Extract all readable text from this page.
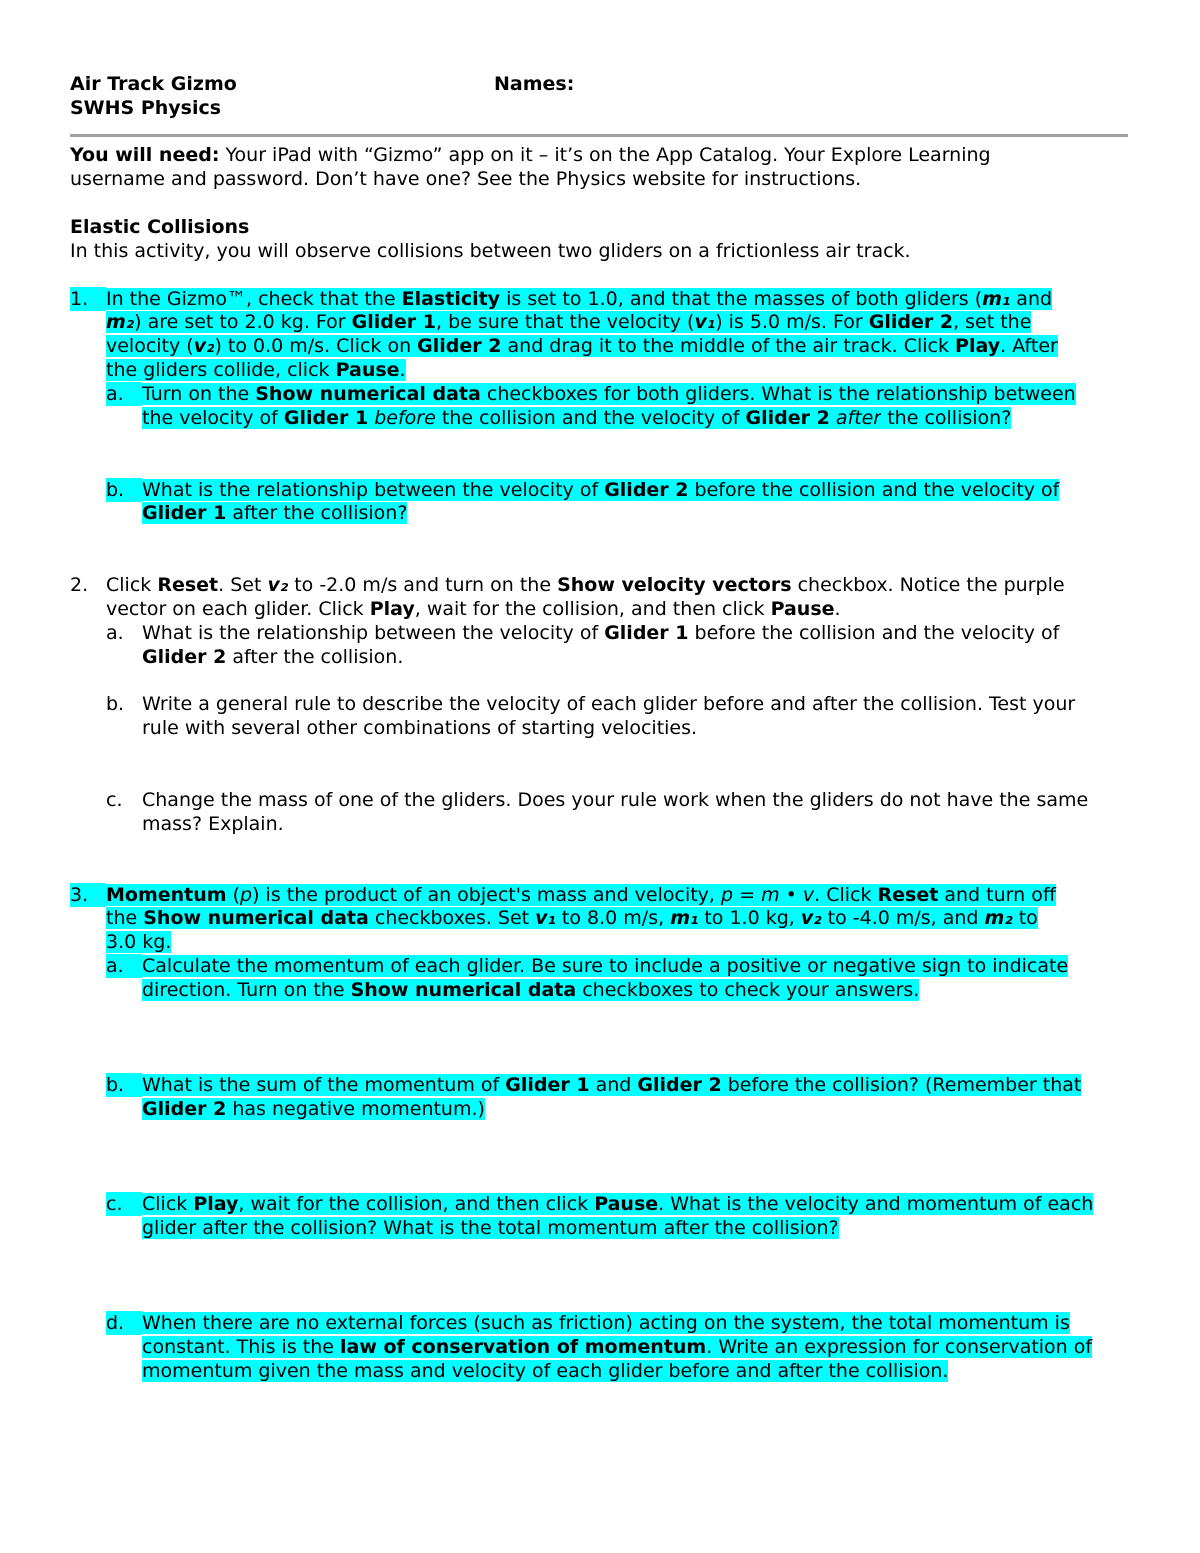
Air Track Gizmo
SWHS Physics
Names:
You will need: Your iPad with “Gizmo” app on it – it’s on the App Catalog. Your Explore Learning
username and password. Don’t have one? See the Physics website for instructions.
Elastic Collisions
In this activity, you will observe collisions between two gliders on a frictionless air track.
1.  In the Gizmo™, check that the Elasticity is set to 1.0, and that the masses of both gliders (m₁ and
m₂) are set to 2.0 kg. For Glider 1, be sure that the velocity (v₁) is 5.0 m/s. For Glider 2, set the
velocity (v₂) to 0.0 m/s. Click on Glider 2 and drag it to the middle of the air track. Click Play. After
the gliders collide, click Pause.
a.  Turn on the Show numerical data checkboxes for both gliders. What is the relationship between
the velocity of Glider 1 before the collision and the velocity of Glider 2 after the collision?
b.  What is the relationship between the velocity of Glider 2 before the collision and the velocity of
Glider 1 after the collision?
2.  Click Reset. Set v₂ to -2.0 m/s and turn on the Show velocity vectors checkbox. Notice the purple
vector on each glider. Click Play, wait for the collision, and then click Pause.
a.  What is the relationship between the velocity of Glider 1 before the collision and the velocity of
Glider 2 after the collision.
b.  Write a general rule to describe the velocity of each glider before and after the collision. Test your
rule with several other combinations of starting velocities.
c.  Change the mass of one of the gliders. Does your rule work when the gliders do not have the same
mass? Explain.
3.  Momentum (p) is the product of an object's mass and velocity, p = m • v. Click Reset and turn off
the Show numerical data checkboxes. Set v₁ to 8.0 m/s, m₁ to 1.0 kg, v₂ to -4.0 m/s, and m₂ to
3.0 kg.
a.  Calculate the momentum of each glider. Be sure to include a positive or negative sign to indicate
direction. Turn on the Show numerical data checkboxes to check your answers.
b.  What is the sum of the momentum of Glider 1 and Glider 2 before the collision? (Remember that
Glider 2 has negative momentum.)
c.  Click Play, wait for the collision, and then click Pause. What is the velocity and momentum of each
glider after the collision? What is the total momentum after the collision?
d.  When there are no external forces (such as friction) acting on the system, the total momentum is
constant. This is the law of conservation of momentum. Write an expression for conservation of
momentum given the mass and velocity of each glider before and after the collision.
